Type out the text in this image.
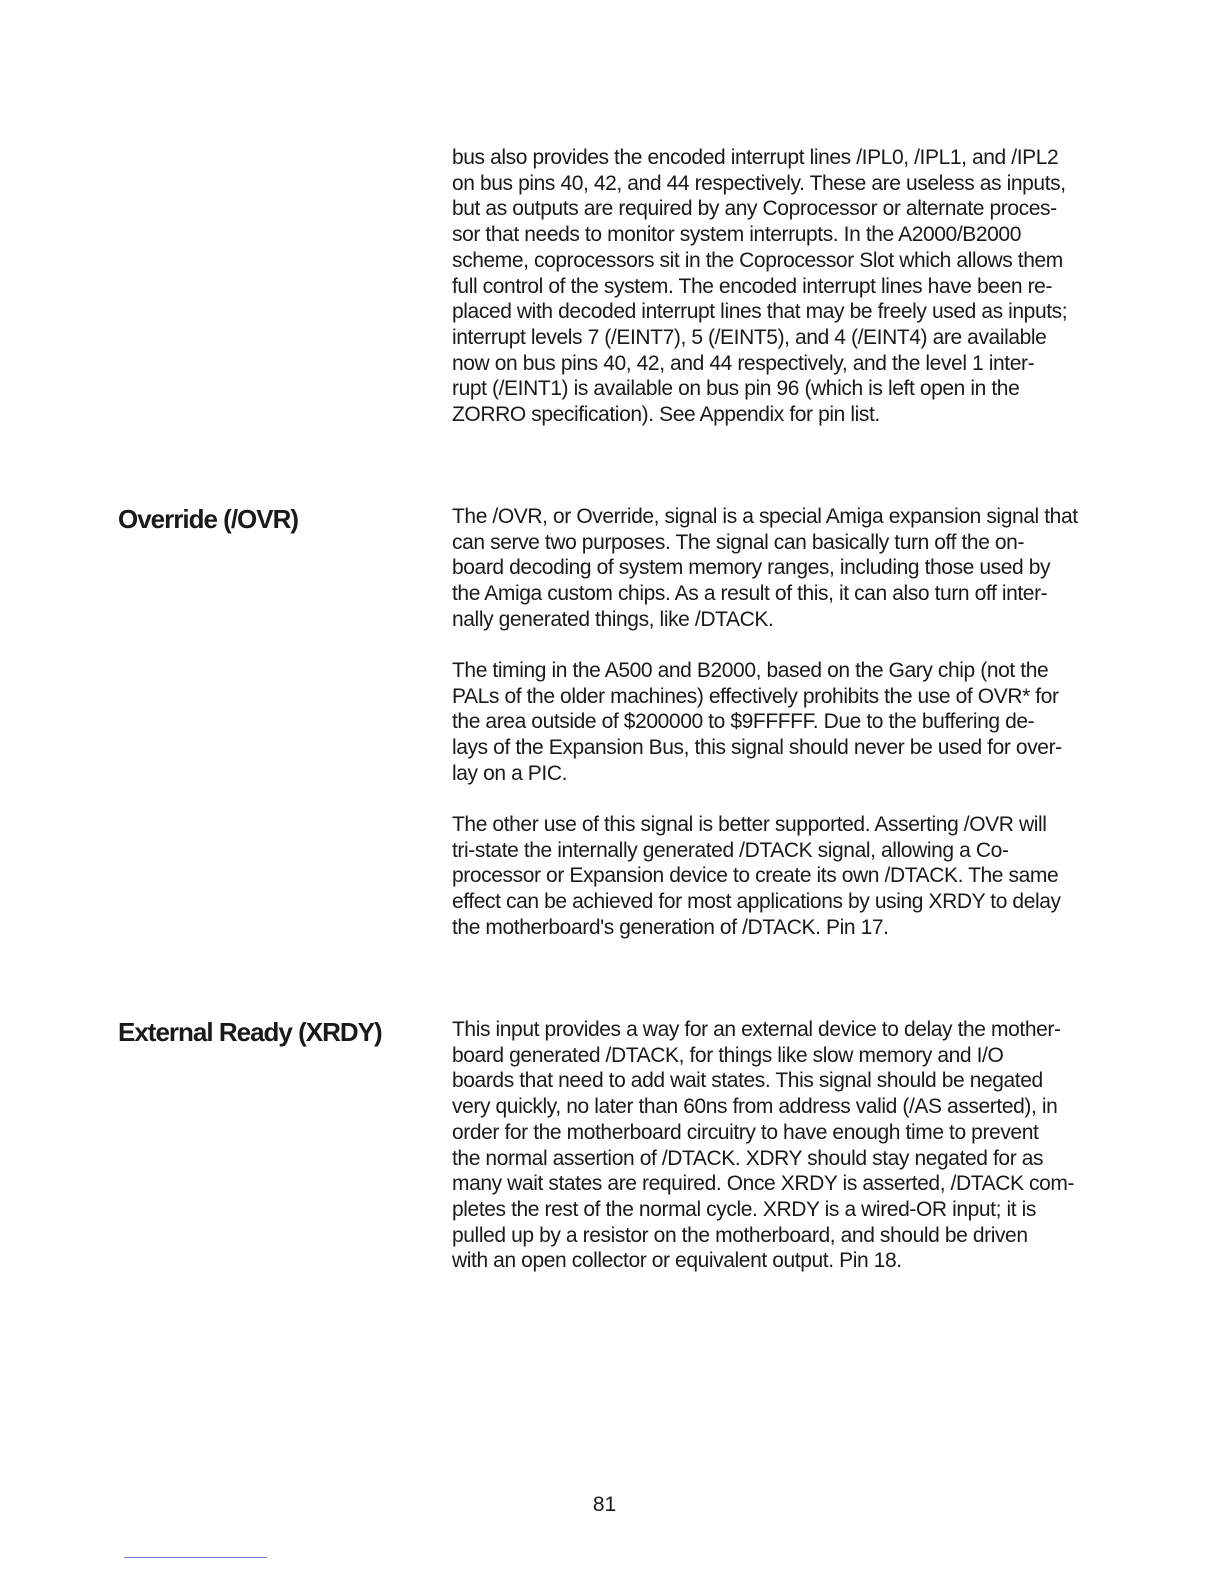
bus also provides the encoded interrupt lines /IPL0, /IPL1, and /IPL2
on bus pins 40, 42, and 44 respectively. These are useless as inputs,
but as outputs are required by any Coprocessor or alternate proces-
sor that needs to monitor system interrupts. In the A2000/B2000
scheme, coprocessors sit in the Coprocessor Slot which allows them
full control of the system. The encoded interrupt lines have been re-
placed with decoded interrupt lines that may be freely used as inputs;
interrupt levels 7 (/EINT7), 5 (/EINT5), and 4 (/EINT4) are available
now on bus pins 40, 42, and 44 respectively, and the level 1 inter-
rupt (/EINT1) is available on bus pin 96 (which is left open in the
ZORRO specification). See Appendix for pin list.

Override (/OVR)	The /OVR, or Override, signal is a special Amiga expansion signal that
can serve two purposes. The signal can basically turn off the on-
board decoding of system memory ranges, including those used by
the Amiga custom chips. As a result of this, it can also turn off inter-
nally generated things, like /DTACK.

The timing in the A500 and B2000, based on the Gary chip (not the
PALs of the older machines) effectively prohibits the use of OVR* for
the area outside of $200000 to $9FFFFF. Due to the buffering de-
lays of the Expansion Bus, this signal should never be used for over-
lay on a PIC.

The other use of this signal is better supported. Asserting /OVR will
tri-state the internally generated /DTACK signal, allowing a Co-
processor or Expansion device to create its own /DTACK. The same
effect can be achieved for most applications by using XRDY to delay
the motherboard's generation of /DTACK. Pin 17.

External Ready (XRDY)	This input provides a way for an external device to delay the mother-
board generated /DTACK, for things like slow memory and I/O
boards that need to add wait states. This signal should be negated
very quickly, no later than 60ns from address valid (/AS asserted), in
order for the motherboard circuitry to have enough time to prevent
the normal assertion of /DTACK. XDRY should stay negated for as
many wait states are required. Once XRDY is asserted, /DTACK com-
pletes the rest of the normal cycle. XRDY is a wired-OR input; it is
pulled up by a resistor on the motherboard, and should be driven
with an open collector or equivalent output. Pin 18.

81
